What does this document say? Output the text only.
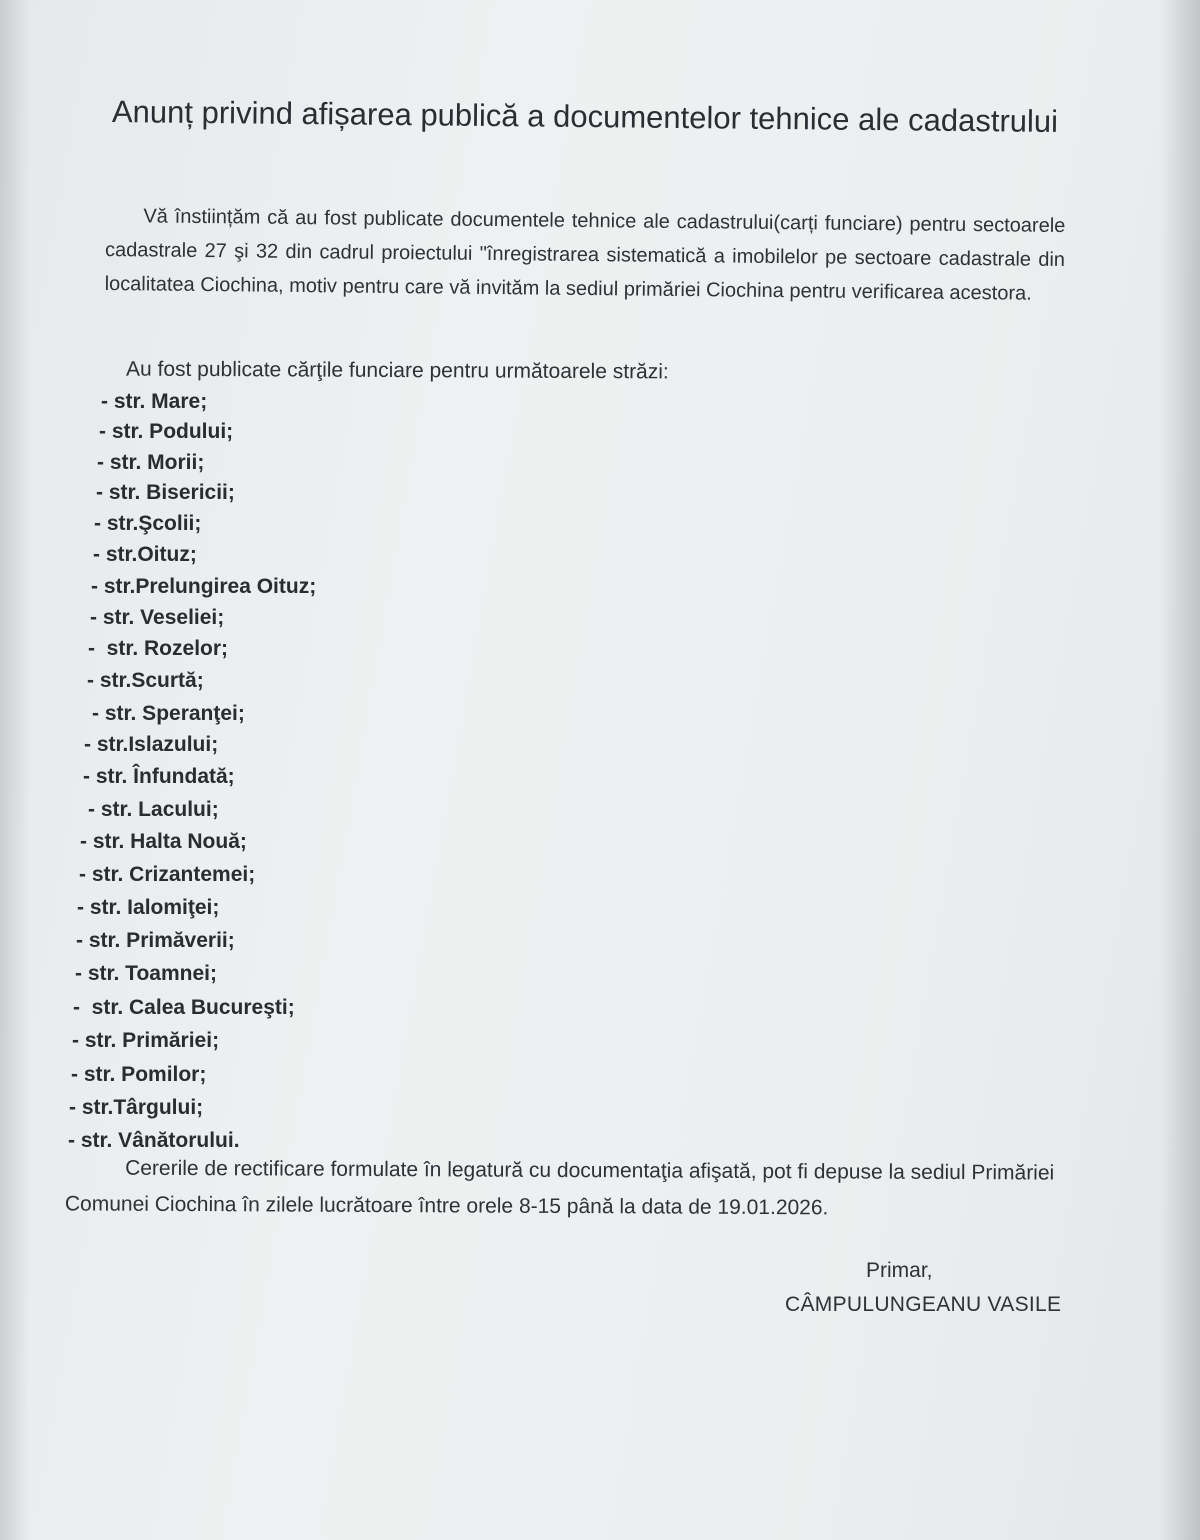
Anunț privind afișarea publică a documentelor tehnice ale cadastrului
Vă înstiințăm că au fost publicate documentele tehnice ale cadastrului(carți funciare) pentru sectoarele cadastrale 27 şi 32 din cadrul proiectului "înregistrarea sistematică a imobilelor pe sectoare cadastrale din localitatea Ciochina, motiv pentru care vă invităm la sediul primăriei Ciochina pentru verificarea acestora.
Au fost publicate cărţile funciare pentru următoarele străzi:
- str. Mare;
- str. Podului;
- str. Morii;
- str. Bisericii;
- str.Şcolii;
- str.Oituz;
- str.Prelungirea Oituz;
- str. Veseliei;
-  str. Rozelor;
- str.Scurtă;
- str. Speranţei;
- str.Islazului;
- str. Înfundată;
- str. Lacului;
- str. Halta Nouă;
- str. Crizantemei;
- str. Ialomiţei;
- str. Primăverii;
- str. Toamnei;
-  str. Calea Bucureşti;
- str. Primăriei;
- str. Pomilor;
- str.Târgului;
- str. Vânătorului.
Cererile de rectificare formulate în legatură cu documentaţia afişată, pot fi depuse la sediul Primăriei Comunei Ciochina în zilele lucrătoare între orele 8-15 până la data de 19.01.2026.
Primar,
CÂMPULUNGEANU VASILE
